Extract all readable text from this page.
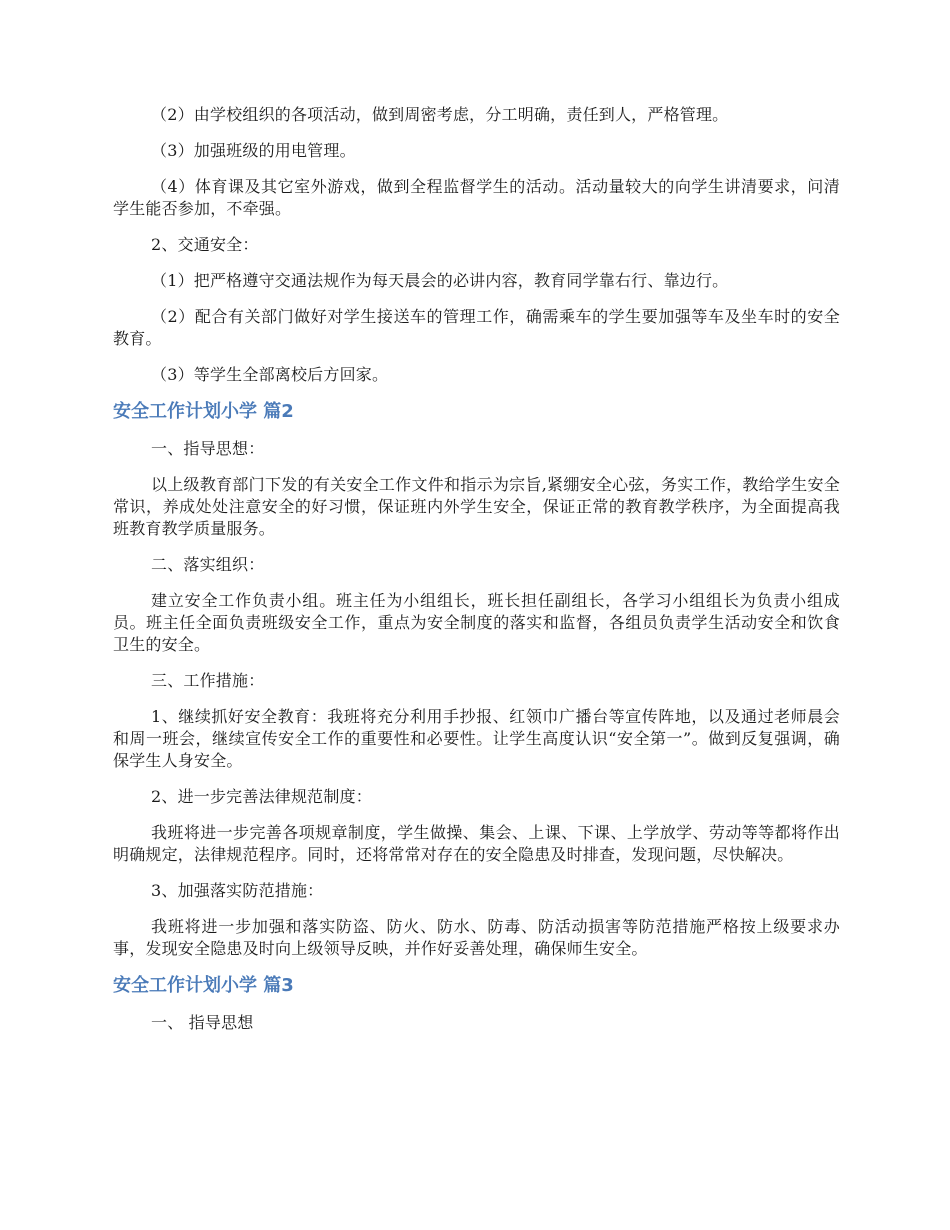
（2）由学校组织的各项活动，做到周密考虑，分工明确，责任到人，严格管理。

（3）加强班级的用电管理。

（4）体育课及其它室外游戏，做到全程监督学生的活动。活动量较大的向学生讲清要求，问清学生能否参加，不牵强。

2、交通安全：

（1）把严格遵守交通法规作为每天晨会的必讲内容，教育同学靠右行、靠边行。

（2）配合有关部门做好对学生接送车的管理工作，确需乘车的学生要加强等车及坐车时的安全教育。

（3）等学生全部离校后方回家。

安全工作计划小学 篇2

一、指导思想：

以上级教育部门下发的有关安全工作文件和指示为宗旨,紧绷安全心弦，务实工作，教给学生安全常识，养成处处注意安全的好习惯，保证班内外学生安全，保证正常的教育教学秩序，为全面提高我班教育教学质量服务。

二、落实组织：

建立安全工作负责小组。班主任为小组组长，班长担任副组长，各学习小组组长为负责小组成员。班主任全面负责班级安全工作，重点为安全制度的落实和监督，各组员负责学生活动安全和饮食卫生的安全。

三、工作措施：

1、继续抓好安全教育：我班将充分利用手抄报、红领巾广播台等宣传阵地，以及通过老师晨会和周一班会，继续宣传安全工作的重要性和必要性。让学生高度认识“安全第一”。做到反复强调，确保学生人身安全。

2、进一步完善法律规范制度：

我班将进一步完善各项规章制度，学生做操、集会、上课、下课、上学放学、劳动等等都将作出明确规定，法律规范程序。同时，还将常常对存在的安全隐患及时排查，发现问题，尽快解决。

3、加强落实防范措施：

我班将进一步加强和落实防盗、防火、防水、防毒、防活动损害等防范措施严格按上级要求办事，发现安全隐患及时向上级领导反映，并作好妥善处理，确保师生安全。

安全工作计划小学 篇3

一、 指导思想
